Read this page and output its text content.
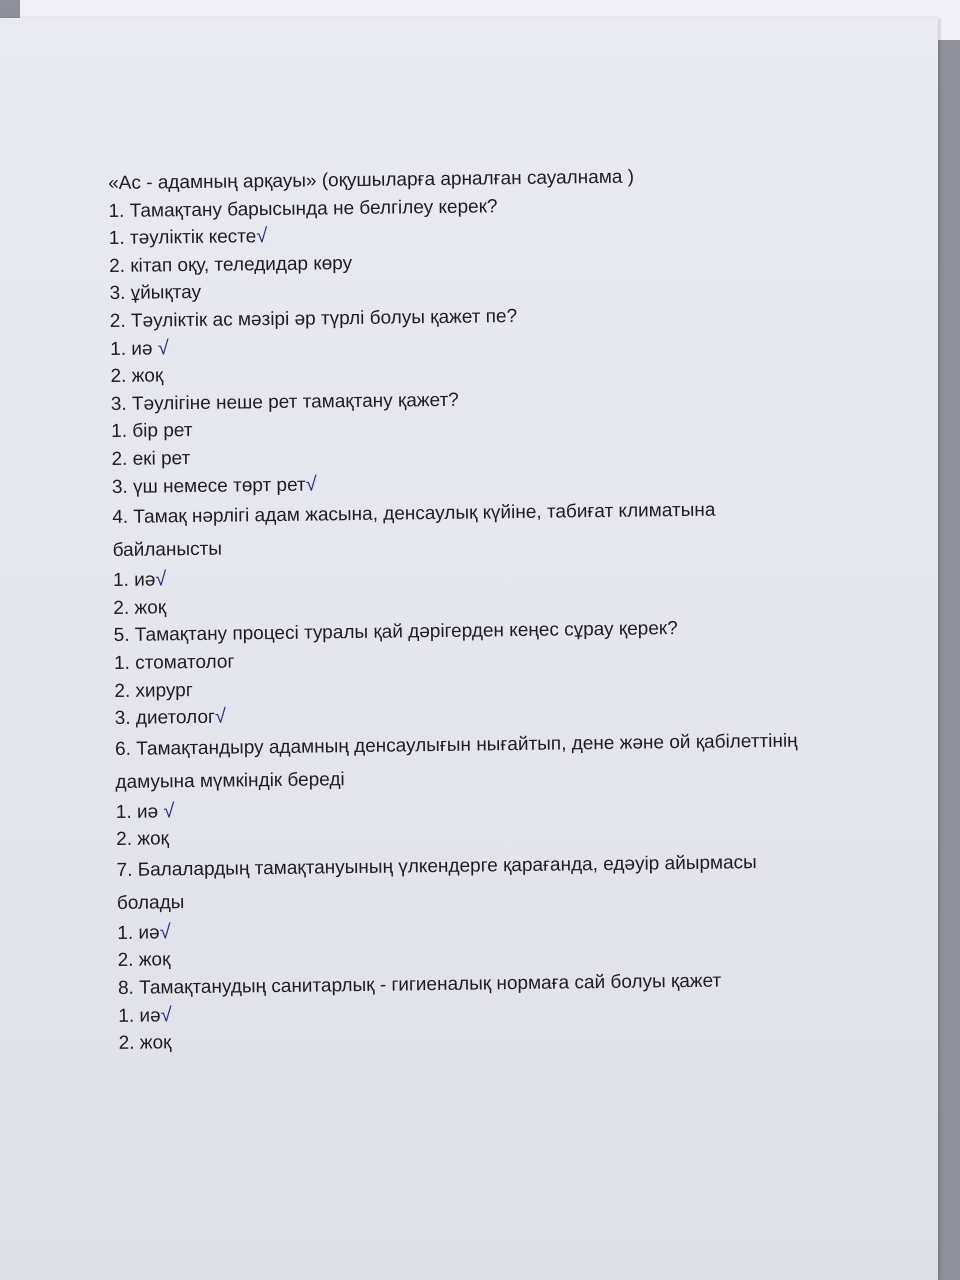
«Ас - адамның арқауы» (оқушыларға арналған сауалнама )
1. Тамақтану барысында не белгілеу керек?
1. тәуліктік кесте√
2. кітап оқу, теледидар көру
3. ұйықтау
2. Тәуліктік ас мәзірі әр түрлі болуы қажет пе?
1. иә √
2. жоқ
3. Тәулігіне неше рет тамақтану қажет?
1. бір рет
2. екі рет
3. үш немесе төрт рет√
4. Тамақ нәрлігі адам жасына, денсаулық күйіне, табиғат климатына байланысты
1. иә√
2. жоқ
5. Тамақтану процесі туралы қай дәрігерден кеңес сұрау қерек?
1. стоматолог
2. хирург
3. диетолог√
6. Тамақтандыру адамның денсаулығын нығайтып, дене және ой қабілеттінің дамуына мүмкіндік береді
1. иә √
2. жоқ
7. Балалардың тамақтануының үлкендерге қарағанда, едәуір айырмасы болады
1. иә√
2. жоқ
8. Тамақтанудың санитарлық - гигиеналық нормаға сай болуы қажет
1. иә√
2. жоқ
